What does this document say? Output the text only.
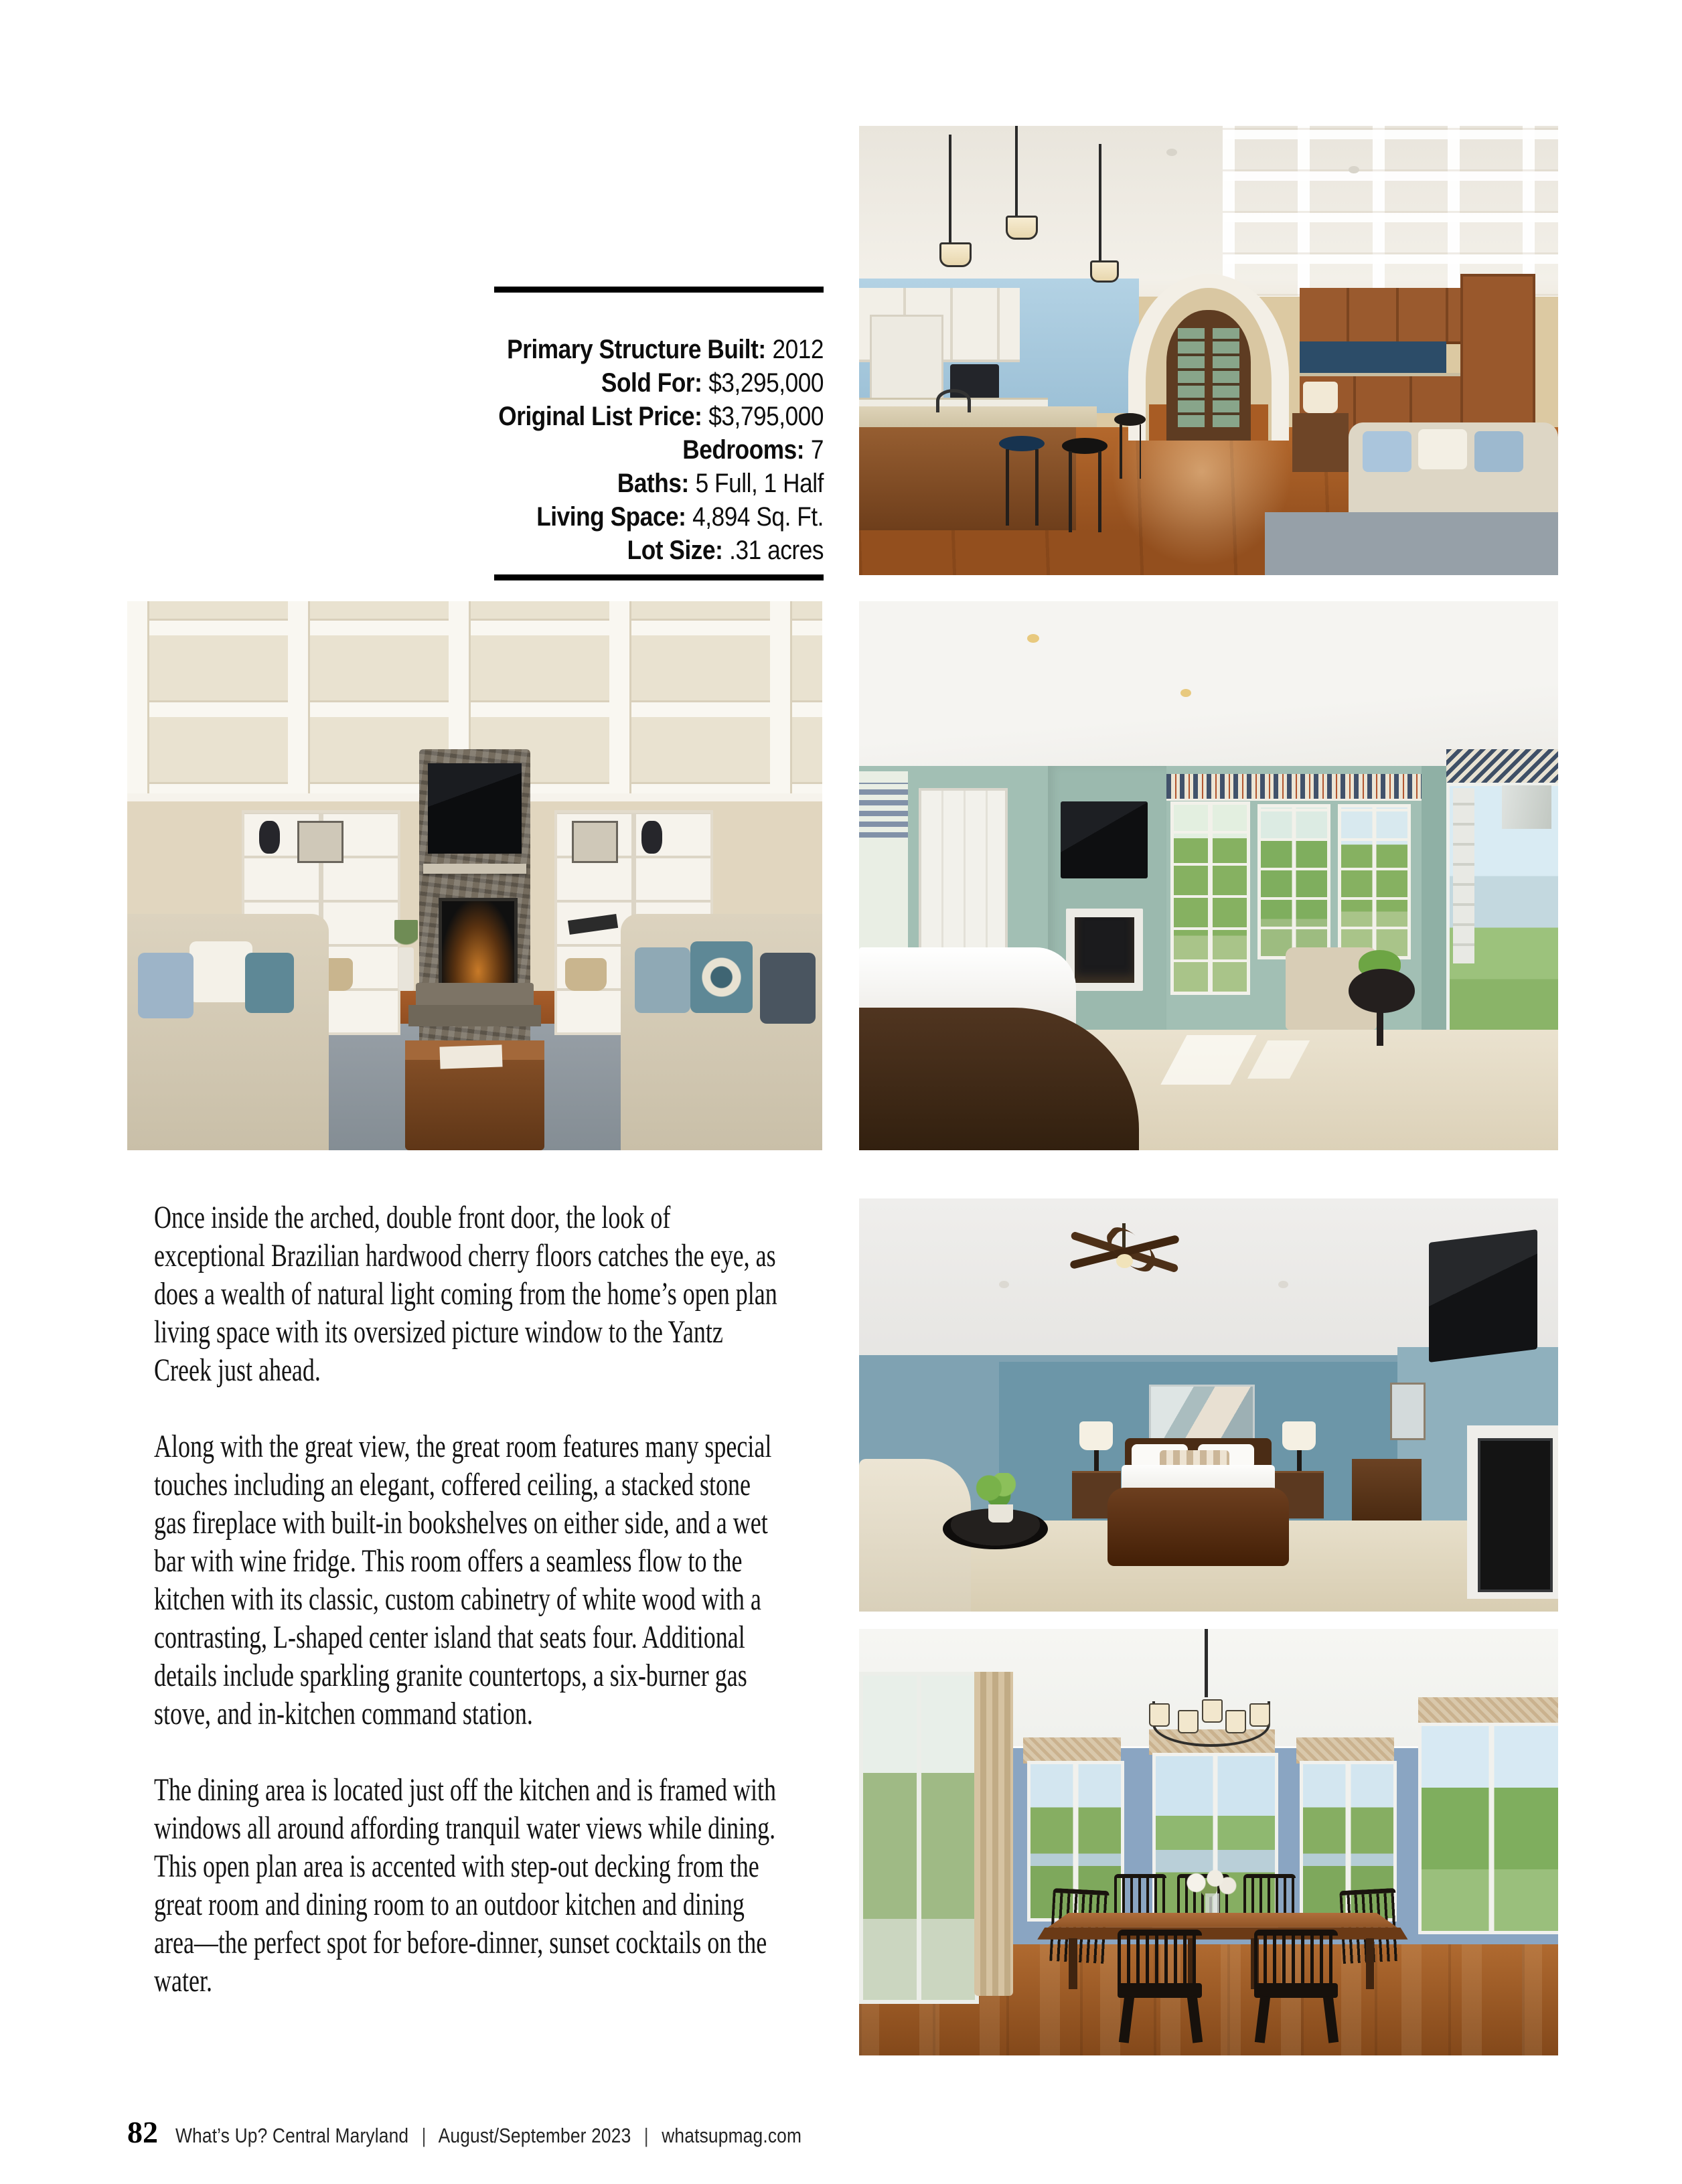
Primary Structure Built: 2012
Sold For: $3,295,000
Original List Price: $3,795,000
Bedrooms: 7
Baths: 5 Full, 1 Half
Living Space: 4,894 Sq. Ft.
Lot Size: .31 acres

Once inside the arched, double front door, the look of exceptional Brazilian hardwood cherry floors catches the eye, as does a wealth of natural light coming from the home’s open plan living space with its oversized picture window to the Yantz Creek just ahead.

Along with the great view, the great room features many special touches including an elegant, coffered ceiling, a stacked stone gas fireplace with built-in bookshelves on either side, and a wet bar with wine fridge. This room offers a seamless flow to the kitchen with its classic, custom cabinetry of white wood with a contrasting, L-shaped center island that seats four. Additional details include sparkling granite countertops, a six-burner gas stove, and in-kitchen command station.

The dining area is located just off the kitchen and is framed with windows all around affording tranquil water views while dining. This open plan area is accented with step-out decking from the great room and dining room to an outdoor kitchen and dining area—the perfect spot for before-dinner, sunset cocktails on the water.

82 What’s Up? Central Maryland | August/September 2023 | whatsupmag.com
